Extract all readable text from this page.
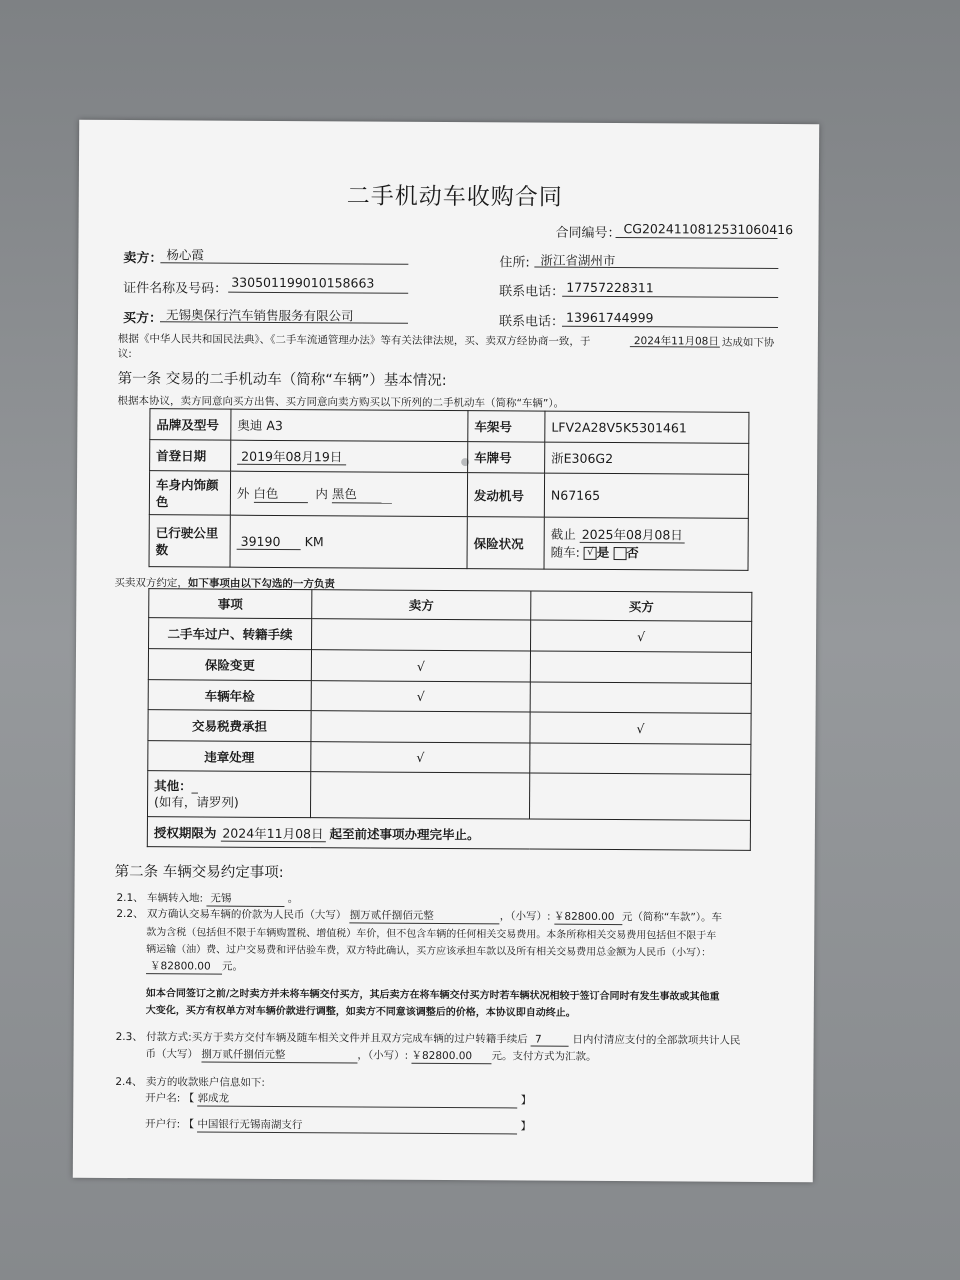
二手机动车收购合同
合同编号： CG2024110812531060416
卖方： 杨心霞
住所: 浙江省湖州市
证件名称及号码： 330501199010158663
联系电话： 17757228311
买方： 无锡奥保行汽车销售服务有限公司	联系电话： 13961744999
根据《中华人民共和国民法典》、《二手车流通管理办法》等有关法律法规，买、卖双方经协商一致，于	2024年11月08日 达成如下协
议:
第一条 交易的二手机动车（简称“车辆”）基本情况:
根据本协议，卖方同意向买方出售、买方同意向卖方购买以下所列的二手机动车（简称“车辆”）。
品牌及型号	奥迪 A3	车架号	LFV2A28V5K5301461
首登日期	2019年08月19日	车牌号	浙E306G2
车身内饰颜色	外 白色 内 黑色	发动机号	N67165
已行驶公里数	39190 KM	保险状况	截止 2025年08月08日
随车: √ 是 否
买卖双方约定，如下事项由以下勾选的一方负责
事项	卖方	买方
二手车过户、转籍手续		√
保险变更	√	
车辆年检	√	
交易税费承担		√
违章处理	√	
其他：_
(如有，请罗列)		
授权期限为 2024年11月08日 起至前述事项办理完毕止。		
第二条 车辆交易约定事项:
2.1、 车辆转入地: 无锡	。
2.2、 双方确认交易车辆的价款为人民币（大写） 捌万贰仟捌佰元整	，（小写）: ￥82800.00 元（简称“车款”）。车
款为含税（包括但不限于车辆购置税、增值税）车价，但不包含车辆的任何相关交易费用。本条所称相关交易费用包括但不限于车
辆运输（油）费、过户交易费和评估验车费，双方特此确认，买方应该承担车款以及所有相关交易费用总金额为人民币（小写）：
￥82800.00 元。
如本合同签订之前/之时卖方并未将车辆交付买方，其后卖方在将车辆交付买方时若车辆状况相较于签订合同时有发生事故或其他重
大变化，买方有权单方对车辆价款进行调整，如卖方不同意该调整后的价格，本协议即自动终止。
2.3、 付款方式:买方于卖方交付车辆及随车相关文件并且双方完成车辆的过户转籍手续后 7	日内付清应支付的全部款项共计人民
币（大写） 捌万贰仟捌佰元整	，（小写）: ￥82800.00 元。支付方式为汇款。
2.4、 卖方的收款账户信息如下:
开户名: 【 郭成龙	】
开户行: 【 中国银行无锡南湖支行	】
